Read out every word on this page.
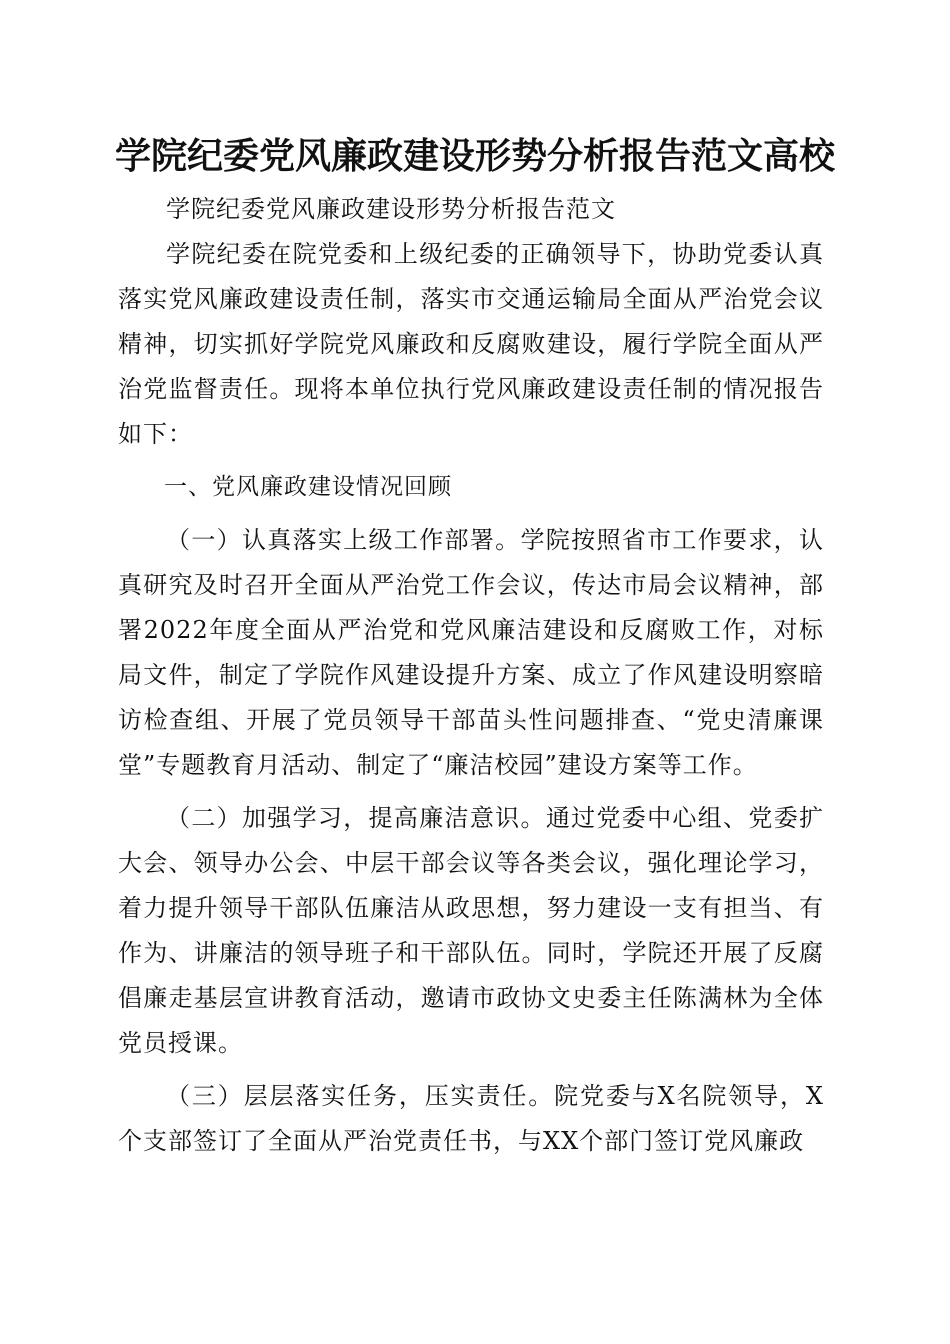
学院纪委党风廉政建设形势分析报告范文高校

学院纪委党风廉政建设形势分析报告范文

学院纪委在院党委和上级纪委的正确领导下，协助党委认真落实党风廉政建设责任制，落实市交通运输局全面从严治党会议精神，切实抓好学院党风廉政和反腐败建设，履行学院全面从严治党监督责任。现将本单位执行党风廉政建设责任制的情况报告如下：

一、党风廉政建设情况回顾

（一）认真落实上级工作部署。学院按照省市工作要求，认真研究及时召开全面从严治党工作会议，传达市局会议精神，部署2022年度全面从严治党和党风廉洁建设和反腐败工作，对标局文件，制定了学院作风建设提升方案、成立了作风建设明察暗访检查组、开展了党员领导干部苗头性问题排查、“党史清廉课堂”专题教育月活动、制定了“廉洁校园”建设方案等工作。

（二）加强学习，提高廉洁意识。通过党委中心组、党委扩大会、领导办公会、中层干部会议等各类会议，强化理论学习，着力提升领导干部队伍廉洁从政思想，努力建设一支有担当、有作为、讲廉洁的领导班子和干部队伍。同时，学院还开展了反腐倡廉走基层宣讲教育活动，邀请市政协文史委主任陈满林为全体党员授课。

（三）层层落实任务，压实责任。院党委与X名院领导，X个支部签订了全面从严治党责任书，与XX个部门签订党风廉政
